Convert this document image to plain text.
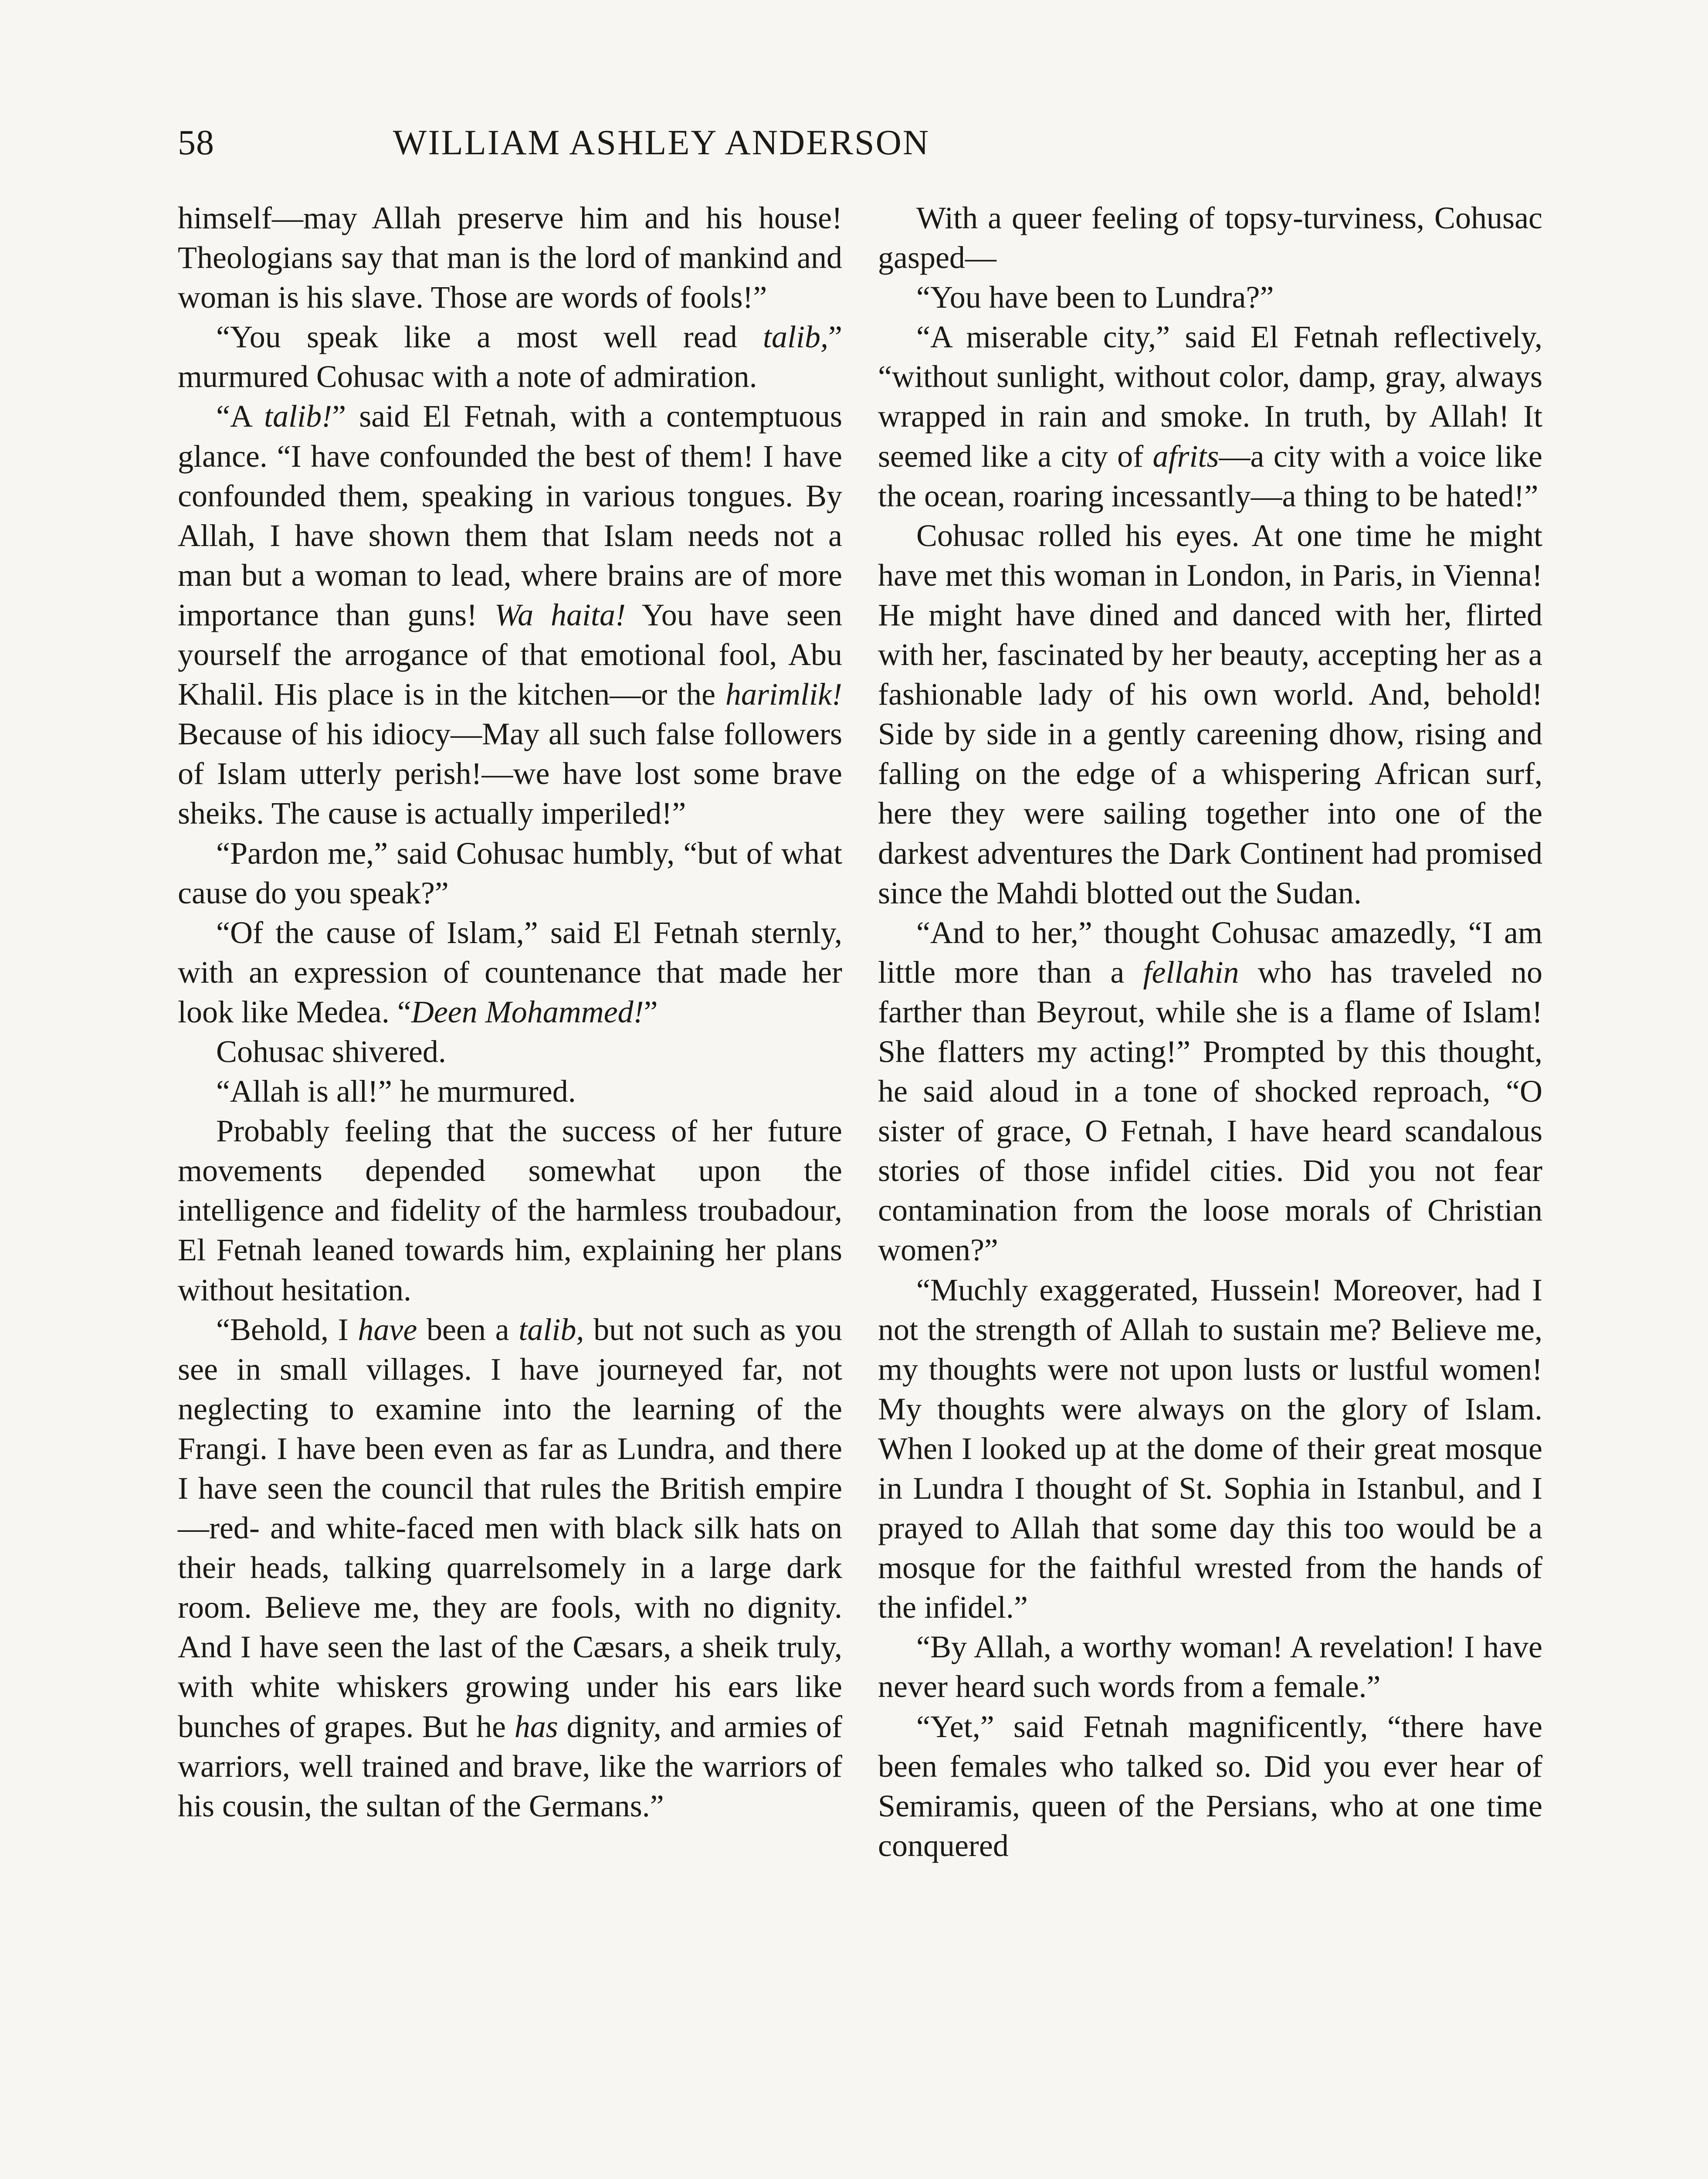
58	WILLIAM ASHLEY ANDERSON

himself—may Allah preserve him and his house! Theologians say that man is the lord of mankind and woman is his slave. Those are words of fools!”

“You speak like a most well read talib,” murmured Cohusac with a note of admiration.

“A talib!” said El Fetnah, with a contemptuous glance. “I have confounded the best of them! I have confounded them, speaking in various tongues. By Allah, I have shown them that Islam needs not a man but a woman to lead, where brains are of more importance than guns! Wa haita! You have seen yourself the arrogance of that emotional fool, Abu Khalil. His place is in the kitchen—or the harimlik! Because of his idiocy—May all such false followers of Islam utterly perish!—we have lost some brave sheiks. The cause is actually imperiled!”

“Pardon me,” said Cohusac humbly, “but of what cause do you speak?”

“Of the cause of Islam,” said El Fetnah sternly, with an expression of countenance that made her look like Medea. “Deen Mohammed!”

Cohusac shivered.

“Allah is all!” he murmured.

Probably feeling that the success of her future movements depended somewhat upon the intelligence and fidelity of the harmless troubadour, El Fetnah leaned towards him, explaining her plans without hesitation.

“Behold, I have been a talib, but not such as you see in small villages. I have journeyed far, not neglecting to examine into the learning of the Frangi. I have been even as far as Lundra, and there I have seen the council that rules the British empire—red- and white-faced men with black silk hats on their heads, talking quarrelsomely in a large dark room. Believe me, they are fools, with no dignity. And I have seen the last of the Cæsars, a sheik truly, with white whiskers growing under his ears like bunches of grapes. But he has dignity, and armies of warriors, well trained and brave, like the warriors of his cousin, the sultan of the Germans.”

With a queer feeling of topsy-turviness, Cohusac gasped—

“You have been to Lundra?”

“A miserable city,” said El Fetnah reflectively, “without sunlight, without color, damp, gray, always wrapped in rain and smoke. In truth, by Allah! It seemed like a city of afrits—a city with a voice like the ocean, roaring incessantly—a thing to be hated!”

Cohusac rolled his eyes. At one time he might have met this woman in London, in Paris, in Vienna! He might have dined and danced with her, flirted with her, fascinated by her beauty, accepting her as a fashionable lady of his own world. And, behold! Side by side in a gently careening dhow, rising and falling on the edge of a whispering African surf, here they were sailing together into one of the darkest adventures the Dark Continent had promised since the Mahdi blotted out the Sudan.

“And to her,” thought Cohusac amazedly, “I am little more than a fellahin who has traveled no farther than Beyrout, while she is a flame of Islam! She flatters my acting!” Prompted by this thought, he said aloud in a tone of shocked reproach, “O sister of grace, O Fetnah, I have heard scandalous stories of those infidel cities. Did you not fear contamination from the loose morals of Christian women?”

“Muchly exaggerated, Hussein! Moreover, had I not the strength of Allah to sustain me? Believe me, my thoughts were not upon lusts or lustful women! My thoughts were always on the glory of Islam. When I looked up at the dome of their great mosque in Lundra I thought of St. Sophia in Istanbul, and I prayed to Allah that some day this too would be a mosque for the faithful wrested from the hands of the infidel.”

“By Allah, a worthy woman! A revelation! I have never heard such words from a female.”

“Yet,” said Fetnah magnificently, “there have been females who talked so. Did you ever hear of Semiramis, queen of the Persians, who at one time conquered
